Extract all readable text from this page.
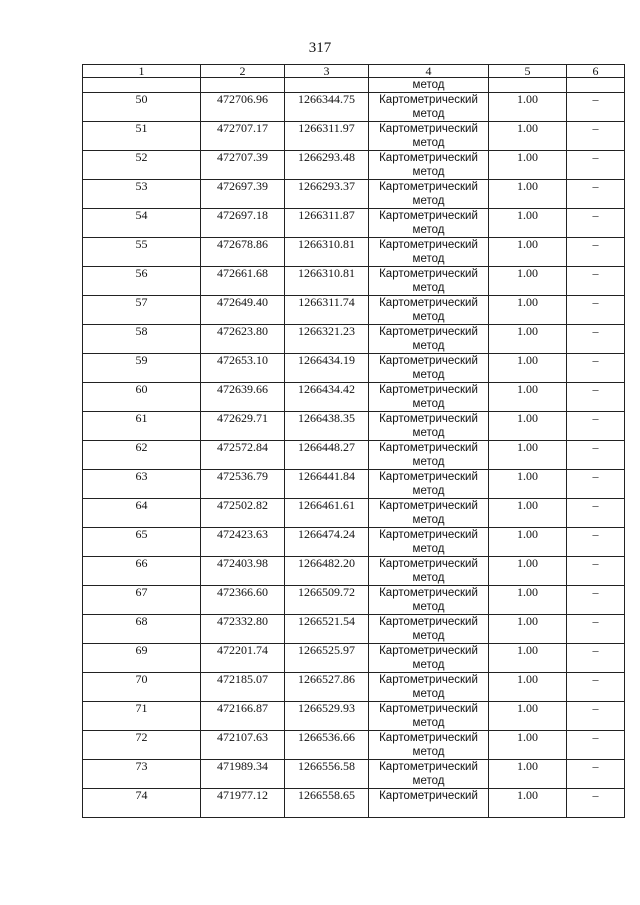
317
1	2	3	4	5	6
			метод		
50	472706.96	1266344.75	Картометрический
метод	1.00	–
51	472707.17	1266311.97	Картометрический
метод	1.00	–
52	472707.39	1266293.48	Картометрический
метод	1.00	–
53	472697.39	1266293.37	Картометрический
метод	1.00	–
54	472697.18	1266311.87	Картометрический
метод	1.00	–
55	472678.86	1266310.81	Картометрический
метод	1.00	–
56	472661.68	1266310.81	Картометрический
метод	1.00	–
57	472649.40	1266311.74	Картометрический
метод	1.00	–
58	472623.80	1266321.23	Картометрический
метод	1.00	–
59	472653.10	1266434.19	Картометрический
метод	1.00	–
60	472639.66	1266434.42	Картометрический
метод	1.00	–
61	472629.71	1266438.35	Картометрический
метод	1.00	–
62	472572.84	1266448.27	Картометрический
метод	1.00	–
63	472536.79	1266441.84	Картометрический
метод	1.00	–
64	472502.82	1266461.61	Картометрический
метод	1.00	–
65	472423.63	1266474.24	Картометрический
метод	1.00	–
66	472403.98	1266482.20	Картометрический
метод	1.00	–
67	472366.60	1266509.72	Картометрический
метод	1.00	–
68	472332.80	1266521.54	Картометрический
метод	1.00	–
69	472201.74	1266525.97	Картометрический
метод	1.00	–
70	472185.07	1266527.86	Картометрический
метод	1.00	–
71	472166.87	1266529.93	Картометрический
метод	1.00	–
72	472107.63	1266536.66	Картометрический
метод	1.00	–
73	471989.34	1266556.58	Картометрический
метод	1.00	–
74	471977.12	1266558.65	Картометрический	1.00	–
